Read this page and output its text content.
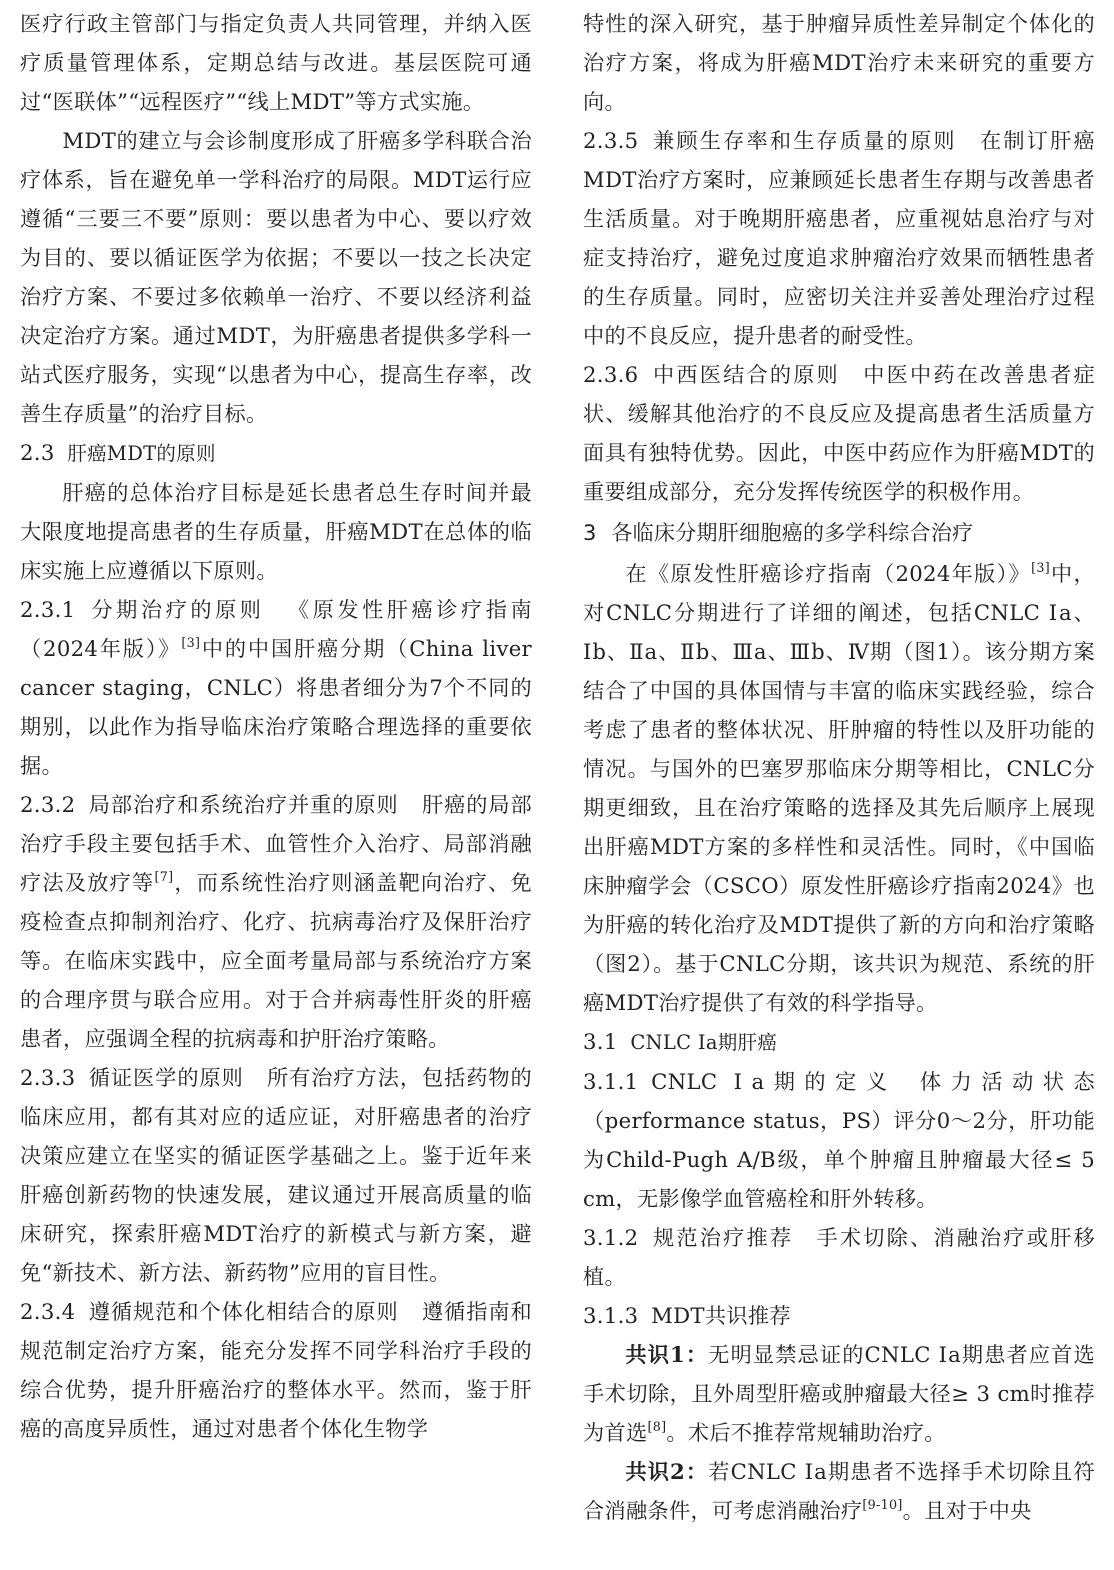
医疗行政主管部门与指定负责人共同管理，并纳入医疗质量管理体系，定期总结与改进。基层医院可通过“医联体”“远程医疗”“线上MDT”等方式实施。

MDT的建立与会诊制度形成了肝癌多学科联合治疗体系，旨在避免单一学科治疗的局限。MDT运行应遵循“三要三不要”原则：要以患者为中心、要以疗效为目的、要以循证医学为依据；不要以一技之长决定治疗方案、不要过多依赖单一治疗、不要以经济利益决定治疗方案。通过MDT，为肝癌患者提供多学科一站式医疗服务，实现“以患者为中心，提高生存率，改善生存质量”的治疗目标。

2.3 肝癌MDT的原则

肝癌的总体治疗目标是延长患者总生存时间并最大限度地提高患者的生存质量，肝癌MDT在总体的临床实施上应遵循以下原则。

2.3.1 分期治疗的原则 《原发性肝癌诊疗指南（2024年版）》[3]中的中国肝癌分期（China liver cancer staging，CNLC）将患者细分为7个不同的期别，以此作为指导临床治疗策略合理选择的重要依据。

2.3.2 局部治疗和系统治疗并重的原则 肝癌的局部治疗手段主要包括手术、血管性介入治疗、局部消融疗法及放疗等[7]，而系统性治疗则涵盖靶向治疗、免疫检查点抑制剂治疗、化疗、抗病毒治疗及保肝治疗等。在临床实践中，应全面考量局部与系统治疗方案的合理序贯与联合应用。对于合并病毒性肝炎的肝癌患者，应强调全程的抗病毒和护肝治疗策略。

2.3.3 循证医学的原则 所有治疗方法，包括药物的临床应用，都有其对应的适应证，对肝癌患者的治疗决策应建立在坚实的循证医学基础之上。鉴于近年来肝癌创新药物的快速发展，建议通过开展高质量的临床研究，探索肝癌MDT治疗的新模式与新方案，避免“新技术、新方法、新药物”应用的盲目性。

2.3.4 遵循规范和个体化相结合的原则 遵循指南和规范制定治疗方案，能充分发挥不同学科治疗手段的综合优势，提升肝癌治疗的整体水平。然而，鉴于肝癌的高度异质性，通过对患者个体化生物学

特性的深入研究，基于肿瘤异质性差异制定个体化的治疗方案，将成为肝癌MDT治疗未来研究的重要方向。

2.3.5 兼顾生存率和生存质量的原则 在制订肝癌MDT治疗方案时，应兼顾延长患者生存期与改善患者生活质量。对于晚期肝癌患者，应重视姑息治疗与对症支持治疗，避免过度追求肿瘤治疗效果而牺牲患者的生存质量。同时，应密切关注并妥善处理治疗过程中的不良反应，提升患者的耐受性。

2.3.6 中西医结合的原则 中医中药在改善患者症状、缓解其他治疗的不良反应及提高患者生活质量方面具有独特优势。因此，中医中药应作为肝癌MDT的重要组成部分，充分发挥传统医学的积极作用。

3 各临床分期肝细胞癌的多学科综合治疗

在《原发性肝癌诊疗指南（2024年版）》[3]中，对CNLC分期进行了详细的阐述，包括CNLC Ⅰa、Ⅰb、Ⅱa、Ⅱb、Ⅲa、Ⅲb、Ⅳ期（图1）。该分期方案结合了中国的具体国情与丰富的临床实践经验，综合考虑了患者的整体状况、肝肿瘤的特性以及肝功能的情况。与国外的巴塞罗那临床分期等相比，CNLC分期更细致，且在治疗策略的选择及其先后顺序上展现出肝癌MDT方案的多样性和灵活性。同时，《中国临床肿瘤学会（CSCO）原发性肝癌诊疗指南2024》也为肝癌的转化治疗及MDT提供了新的方向和治疗策略（图2）。基于CNLC分期，该共识为规范、系统的肝癌MDT治疗提供了有效的科学指导。

3.1 CNLC Ⅰa期肝癌

3.1.1 CNLC Ⅰa期的定义 体力活动状态（performance status，PS）评分0～2分，肝功能为Child-Pugh A/B级，单个肿瘤且肿瘤最大径≤ 5 cm，无影像学血管癌栓和肝外转移。

3.1.2 规范治疗推荐 手术切除、消融治疗或肝移植。

3.1.3 MDT共识推荐

共识1：无明显禁忌证的CNLC Ⅰa期患者应首选手术切除，且外周型肝癌或肿瘤最大径≥ 3 cm时推荐为首选[8]。术后不推荐常规辅助治疗。

共识2：若CNLC Ⅰa期患者不选择手术切除且符合消融条件，可考虑消融治疗[9-10]。且对于中央
